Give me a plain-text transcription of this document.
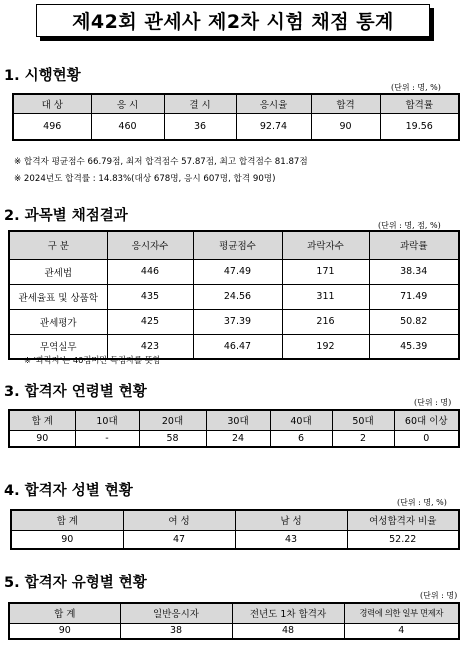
제42회 관세사 제2차 시험 채점 통계
1. 시행현황
(단위 : 명, %)
대 상	응 시	결 시	응시율	합격	합격률
496	460	36	92.74	90	19.56
※ 합격자 평균점수 66.79점, 최저 합격점수 57.87점, 최고 합격점수 81.87점
※ 2024년도 합격률 : 14.83%(대상 678명, 응시 607명, 합격 90명)
2. 과목별 채점결과
(단위 : 명, 점, %)
구 분	응시자수	평균점수	과락자수	과락률
관세법	446	47.49	171	38.34
관세율표 및 상품학	435	24.56	311	71.49
관세평가	425	37.39	216	50.82
무역실무	423	46.47	192	45.39
※ '과락자'는 40점미만 득점자를 뜻함
3. 합격자 연령별 현황
(단위 : 명)
합 계	10대	20대	30대	40대	50대	60대 이상
90	-	58	24	6	2	0
4. 합격자 성별 현황
(단위 : 명, %)
합 계	여 성	남 성	여성합격자 비율
90	47	43	52.22
5. 합격자 유형별 현황
(단위 : 명)
합 계	일반응시자	전년도 1차 합격자	경력에 의한 일부 면제자
90	38	48	4
